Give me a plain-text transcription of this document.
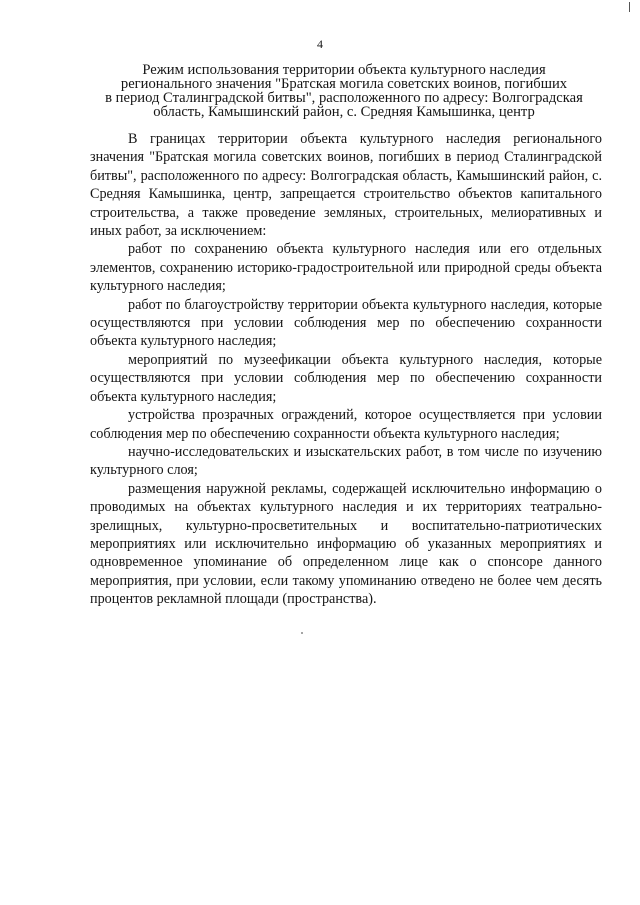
4
Режим использования территории объекта культурного наследия
регионального значения "Братская могила советских воинов, погибших
в период Сталинградской битвы", расположенного по адресу: Волгоградская
область, Камышинский район, с. Средняя Камышинка, центр

В границах территории объекта культурного наследия регионального значения "Братская могила советских воинов, погибших в период Сталинградской битвы", расположенного по адресу: Волгоградская область, Камышинский район, с. Средняя Камышинка, центр, запрещается строительство объектов капитального строительства, а также проведение земляных, строительных, мелиоративных и иных работ, за исключением:

работ по сохранению объекта культурного наследия или его отдельных элементов, сохранению историко-градостроительной или природной среды объекта культурного наследия;

работ по благоустройству территории объекта культурного наследия, которые осуществляются при условии соблюдения мер по обеспечению сохранности объекта культурного наследия;

мероприятий по музеефикации объекта культурного наследия, которые осуществляются при условии соблюдения мер по обеспечению сохранности объекта культурного наследия;

устройства прозрачных ограждений, которое осуществляется при условии соблюдения мер по обеспечению сохранности объекта культурного наследия;

научно-исследовательских и изыскательских работ, в том числе по изучению культурного слоя;

размещения наружной рекламы, содержащей исключительно информацию о проводимых на объектах культурного наследия и их территориях театрально-зрелищных, культурно-просветительных и воспитательно-патриотических мероприятиях или исключительно информацию об указанных мероприятиях и одновременное упоминание об определенном лице как о спонсоре данного мероприятия, при условии, если такому упоминанию отведено не более чем десять процентов рекламной площади (пространства).
